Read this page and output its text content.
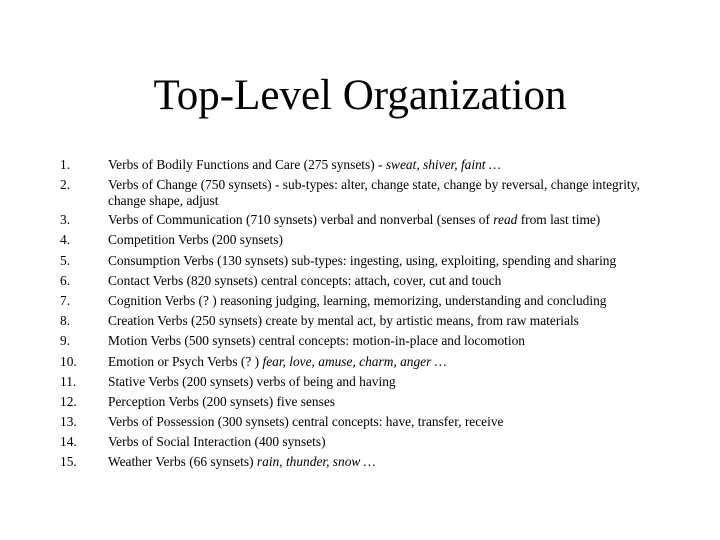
Top-Level Organization
1.	Verbs of Bodily Functions and Care (275 synsets) - sweat, shiver, faint …
2.	Verbs of Change (750 synsets) - sub-types: alter, change state, change by reversal, change integrity, change shape, adjust
3.	Verbs of Communication (710 synsets) verbal and nonverbal (senses of read from last time)
4.	Competition Verbs (200 synsets)
5.	Consumption Verbs (130 synsets) sub-types: ingesting, using, exploiting, spending and sharing
6.	Contact Verbs (820 synsets) central concepts: attach, cover, cut and touch
7.	Cognition Verbs (? ) reasoning judging, learning, memorizing, understanding and concluding
8.	Creation Verbs (250 synsets) create by mental act, by artistic means, from raw materials
9.	Motion Verbs (500 synsets) central concepts: motion-in-place and locomotion
10.	Emotion or Psych Verbs (? ) fear, love, amuse, charm, anger …
11.	Stative Verbs (200 synsets) verbs of being and having
12.	Perception Verbs (200 synsets) five senses
13.	Verbs of Possession (300 synsets) central concepts: have, transfer, receive
14.	Verbs of Social Interaction (400 synsets)
15.	Weather Verbs (66 synsets) rain, thunder, snow …
